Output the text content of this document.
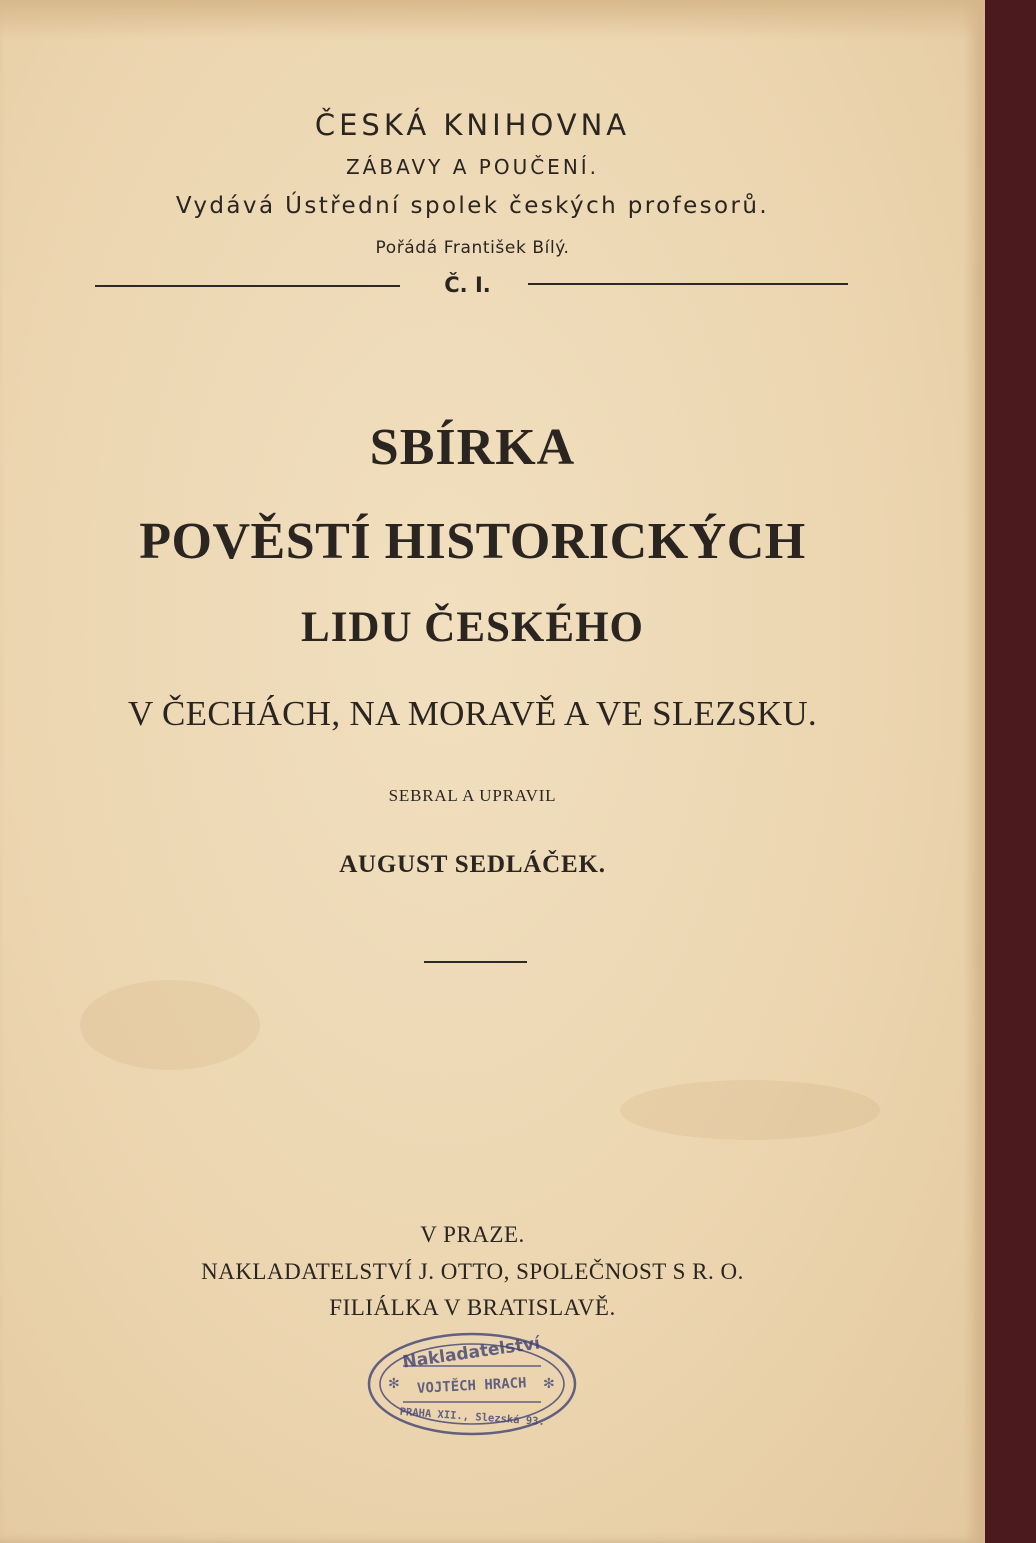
ČESKÁ KNIHOVNA
ZÁBAVY A POUČENÍ.
Vydává Ústřední spolek českých profesorů.
Pořádá František Bílý.
Č. I.
SBÍRKA
POVĚSTÍ HISTORICKÝCH
LIDU ČESKÉHO
V ČECHÁCH, NA MORAVĚ A VE SLEZSKU.
SEBRAL A UPRAVIL
AUGUST SEDLÁČEK.
V PRAZE.
NAKLADATELSTVÍ J. OTTO, SPOLEČNOST S R. O.
FILIÁLKA V BRATISLAVĚ.
✻	✻
Nakladatelství
VOJTĚCH HRACH
PRAHA XII., Slezská 93.
